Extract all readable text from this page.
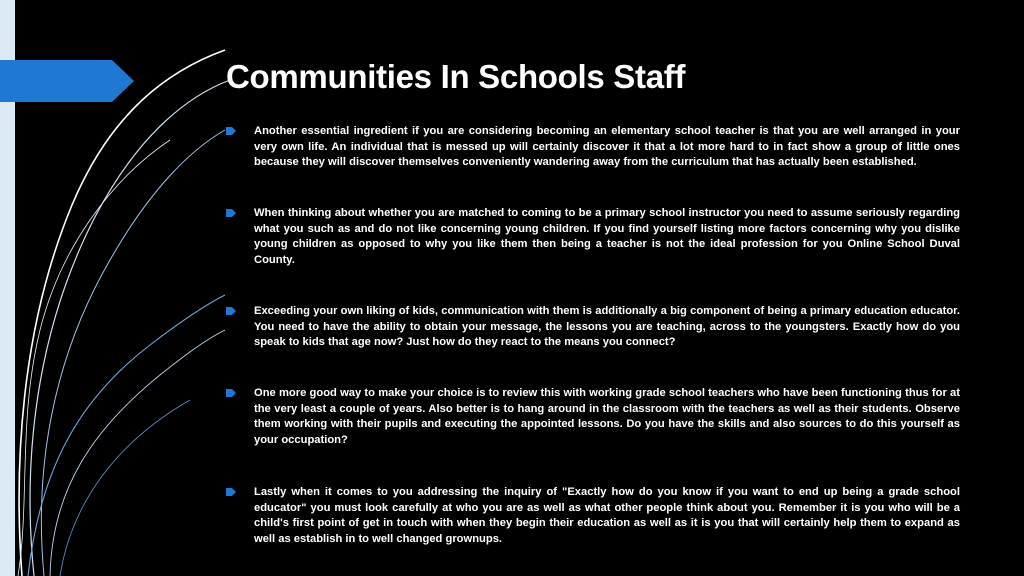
Communities In Schools Staff
Another essential ingredient if you are considering becoming an elementary school teacher is that you are well arranged in your very own life. An individual that is messed up will certainly discover it that a lot more hard to in fact show a group of little ones because they will discover themselves conveniently wandering away from the curriculum that has actually been established.
When thinking about whether you are matched to coming to be a primary school instructor you need to assume seriously regarding what you such as and do not like concerning young children. If you find yourself listing more factors concerning why you dislike young children as opposed to why you like them then being a teacher is not the ideal profession for you Online School Duval County.
Exceeding your own liking of kids, communication with them is additionally a big component of being a primary education educator. You need to have the ability to obtain your message, the lessons you are teaching, across to the youngsters. Exactly how do you speak to kids that age now? Just how do they react to the means you connect?
One more good way to make your choice is to review this with working grade school teachers who have been functioning thus for at the very least a couple of years. Also better is to hang around in the classroom with the teachers as well as their students. Observe them working with their pupils and executing the appointed lessons. Do you have the skills and also sources to do this yourself as your occupation?
Lastly when it comes to you addressing the inquiry of "Exactly how do you know if you want to end up being a grade school educator" you must look carefully at who you are as well as what other people think about you. Remember it is you who will be a child's first point of get in touch with when they begin their education as well as it is you that will certainly help them to expand as well as establish in to well changed grownups.
